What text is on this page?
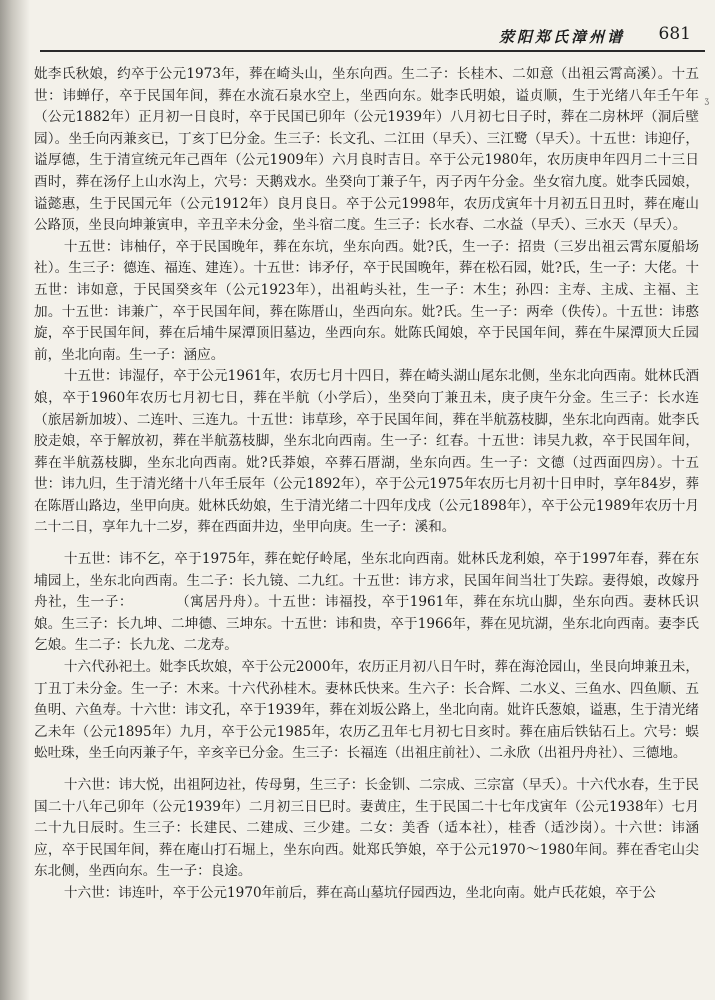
荥阳郑氏漳州谱 681
ʒ

妣李氏秋娘，约卒于公元1973年，葬在崎头山，坐东向西。生二子：长桂木、二如意（出祖云霄高溪）。十五世：讳蝉仔，卒于民国年间，葬在水流石泉水空上，坐西向东。妣李氏明娘，谥贞顺，生于光绪八年壬午年（公元1882年）正月初一日良时，卒于民国已卯年（公元1939年）八月初七日子时，葬在二房林坪（洞后壁园）。坐壬向丙兼亥已，丁亥丁巳分金。生三子：长文孔、二江田（早夭）、三江鹭（早夭）。十五世：讳迎仔，谥厚德，生于清宣统元年己酉年（公元1909年）六月良时吉日。卒于公元1980年，农历庚申年四月二十三日酉时，葬在汤仔上山水沟上，穴号：天鹅戏水。坐癸向丁兼子午，丙子丙午分金。坐女宿九度。妣李氏园娘，谥懿惠，生于民国元年（公元1912年）良月良日。卒于公元1998年，农历戊寅年十月初五日丑时，葬在庵山公路顶，坐艮向坤兼寅申，辛丑辛未分金，坐斗宿二度。生三子：长水春、二水益（早夭）、三水天（早夭）。

十五世：讳柚仔，卒于民国晚年，葬在东坑，坐东向西。妣?氏，生一子：招贵（三岁出祖云霄东厦船场社）。生三子：德连、福连、建连）。十五世：讳矛仔，卒于民国晚年，葬在松石园，妣?氏，生一子：大佬。十五世：讳如意，于民国癸亥年（公元1923年），出祖屿头社，生一子：木生；孙四：主寿、主成、主福、主加。十五世：讳兼广，卒于民国年间，葬在陈厝山，坐西向东。妣?氏。生一子：两牵（佚传）。十五世：讳憨旋，卒于民国年间，葬在后埔牛屎潭顶旧墓边，坐西向东。妣陈氏闻娘，卒于民国年间，葬在牛屎潭顶大丘园前，坐北向南。生一子：涵应。

十五世：讳湿仔，卒于公元1961年，农历七月十四日，葬在崎头湖山尾东北侧，坐东北向西南。妣林氏酒娘，卒于1960年农历七月初七日，葬在半航（小学后），坐癸向丁兼丑未，庚子庚午分金。生三子：长水连（旅居新加坡）、二连叶、三连九。十五世：讳草珍，卒于民国年间，葬在半航荔枝脚，坐东北向西南。妣李氏胶走娘，卒于解放初，葬在半航荔枝脚，坐东北向西南。生一子：红春。十五世：讳吴九救，卒于民国年间，葬在半航荔枝脚，坐东北向西南。妣?氏莽娘，卒葬石厝湖，坐东向西。生一子：文德（过西面四房）。十五世：讳九归，生于清光绪十八年壬辰年（公元1892年），卒于公元1975年农历七月初十日申时，享年84岁，葬在陈厝山路边，坐甲向庚。妣林氏幼娘，生于清光绪二十四年戊戌（公元1898年），卒于公元1989年农历十月二十二日，享年九十二岁，葬在西面井边，坐甲向庚。生一子：溪和。

十五世：讳不乞，卒于1975年，葬在蛇仔岭尾，坐东北向西南。妣林氏龙利娘，卒于1997年春，葬在东埔园上，坐东北向西南。生二子：长九镜、二九红。十五世：讳方求，民国年间当壮丁失踪。妻得娘，改嫁丹舟社，生一子：　　　　（寓居丹舟）。十五世：讳福投，卒于1961年，葬在东坑山脚，坐东向西。妻林氏识娘。生三子：长九坤、二坤德、三坤东。十五世：讳和贵，卒于1966年，葬在见坑湖，坐东北向西南。妻李氏乞娘。生二子：长九龙、二龙寿。

十六代孙祀土。妣李氏坎娘，卒于公元2000年，农历正月初八日午时，葬在海沧园山，坐艮向坤兼丑未，丁丑丁未分金。生一子：木来。十六代孙桂木。妻林氏快来。生六子：长合辉、二水义、三鱼水、四鱼顺、五鱼明、六鱼寿。十六世：讳文孔，卒于1939年，葬在刘坂公路上，坐北向南。妣许氏葱娘，谥惠，生于清光绪乙未年（公元1895年）九月，卒于公元1985年，农历乙丑年七月初七日亥时。葬在庙后铁钻石上。穴号：蜈蚣吐珠，坐壬向丙兼子午，辛亥辛已分金。生三子：长福连（出祖庄前社）、二永欣（出祖丹舟社）、三德地。

十六世：讳大悦，出祖阿边社，传母舅，生三子：长金钏、二宗成、三宗富（早夭）。十六代水春，生于民国二十八年己卯年（公元1939年）二月初三日巳时。妻黄庄，生于民国二十七年戊寅年（公元1938年）七月二十九日辰时。生三子：长建民、二建成、三少建。二女：美香（适本社），桂香（适沙岗）。十六世：讳涵应，卒于民国年间，葬在庵山打石堀上，坐东向西。妣郑氏笋娘，卒于公元1970～1980年间。葬在香宅山尖东北侧，坐西向东。生一子：良途。

十六世：讳连叶，卒于公元1970年前后，葬在高山墓坑仔园西边，坐北向南。妣卢氏花娘，卒于公
